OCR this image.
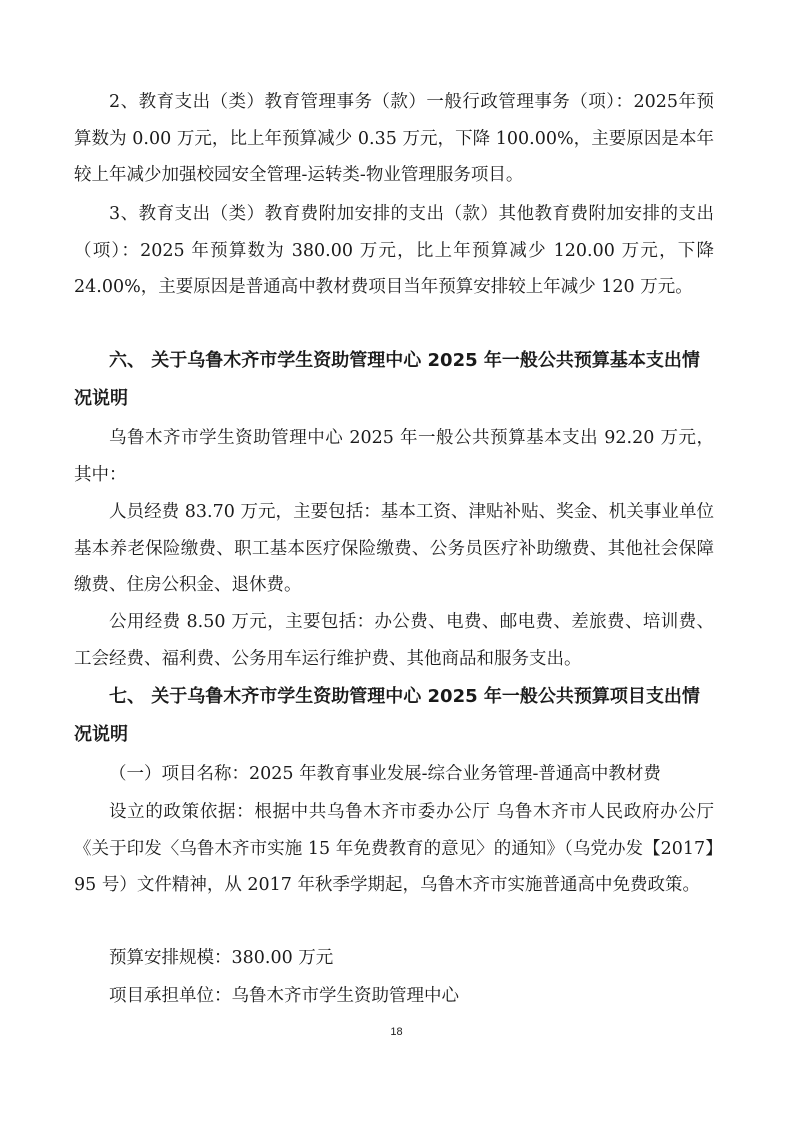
2、教育支出（类）教育管理事务（款）一般行政管理事务（项）：2025年预算数为 0.00 万元，比上年预算减少 0.35 万元，下降 100.00%，主要原因是本年较上年减少加强校园安全管理-运转类-物业管理服务项目。

3、教育支出（类）教育费附加安排的支出（款）其他教育费附加安排的支出（项）：2025 年预算数为 380.00 万元，比上年预算减少 120.00 万元，下降 24.00%，主要原因是普通高中教材费项目当年预算安排较上年减少 120 万元。

六、 关于乌鲁木齐市学生资助管理中心 2025 年一般公共预算基本支出情况说明

乌鲁木齐市学生资助管理中心 2025 年一般公共预算基本支出 92.20 万元，其中：

人员经费 83.70 万元，主要包括：基本工资、津贴补贴、奖金、机关事业单位基本养老保险缴费、职工基本医疗保险缴费、公务员医疗补助缴费、其他社会保障缴费、住房公积金、退休费。

公用经费 8.50 万元，主要包括：办公费、电费、邮电费、差旅费、培训费、工会经费、福利费、公务用车运行维护费、其他商品和服务支出。

七、 关于乌鲁木齐市学生资助管理中心 2025 年一般公共预算项目支出情况说明

（一）项目名称：2025 年教育事业发展-综合业务管理-普通高中教材费

设立的政策依据：根据中共乌鲁木齐市委办公厅 乌鲁木齐市人民政府办公厅《关于印发〈乌鲁木齐市实施 15 年免费教育的意见〉的通知》（乌党办发【2017】95 号）文件精神，从 2017 年秋季学期起，乌鲁木齐市实施普通高中免费政策。

预算安排规模：380.00 万元

项目承担单位：乌鲁木齐市学生资助管理中心

18
